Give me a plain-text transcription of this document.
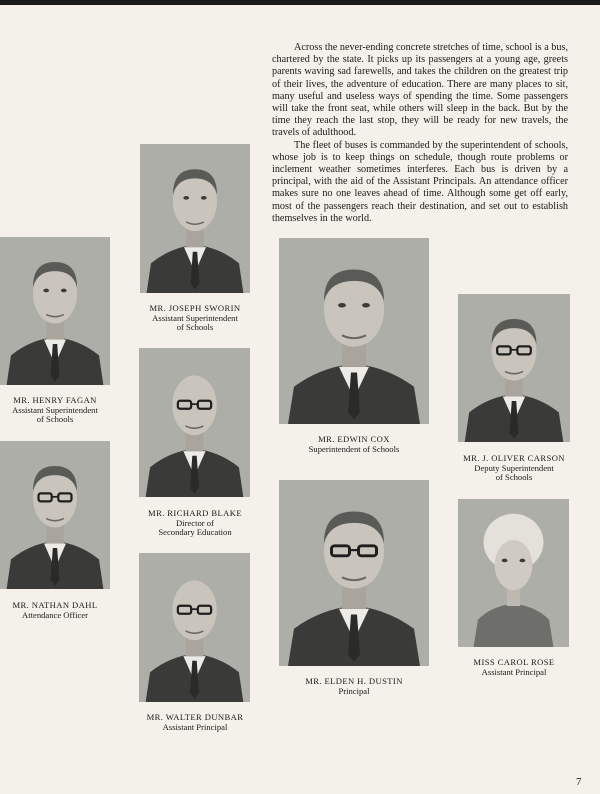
Across the never-ending concrete stretches of time, school is a bus, chartered by the state. It picks up its passengers at a young age, greets parents waving sad farewells, and takes the children on the greatest trip of their lives, the adventure of education. There are many places to sit, many useful and useless ways of spending the time. Some passengers will take the front seat, while others will sleep in the back. But by the time they reach the last stop, they will be ready for new travels, the travels of adulthood.

The fleet of buses is commanded by the superintendent of schools, whose job is to keep things on schedule, though route problems or inclement weather sometimes interferes. Each bus is driven by a principal, with the aid of the Assistant Principals. An attendance officer makes sure no one leaves ahead of time. Although some get off early, most of the passengers reach their destination, and set out to establish themselves in the world.

MR. HENRY FAGAN
Assistant Superintendent
of Schools
MR. JOSEPH SWORIN
Assistant Superintendent
of Schools
MR. EDWIN COX
Superintendent of Schools
MR. J. OLIVER CARSON
Deputy Superintendent
of Schools
MR. RICHARD BLAKE
Director of
Secondary Education
MR. NATHAN DAHL
Attendance Officer
MR. WALTER DUNBAR
Assistant Principal
MR. ELDEN H. DUSTIN
Principal
MISS CAROL ROSE
Assistant Principal
7
